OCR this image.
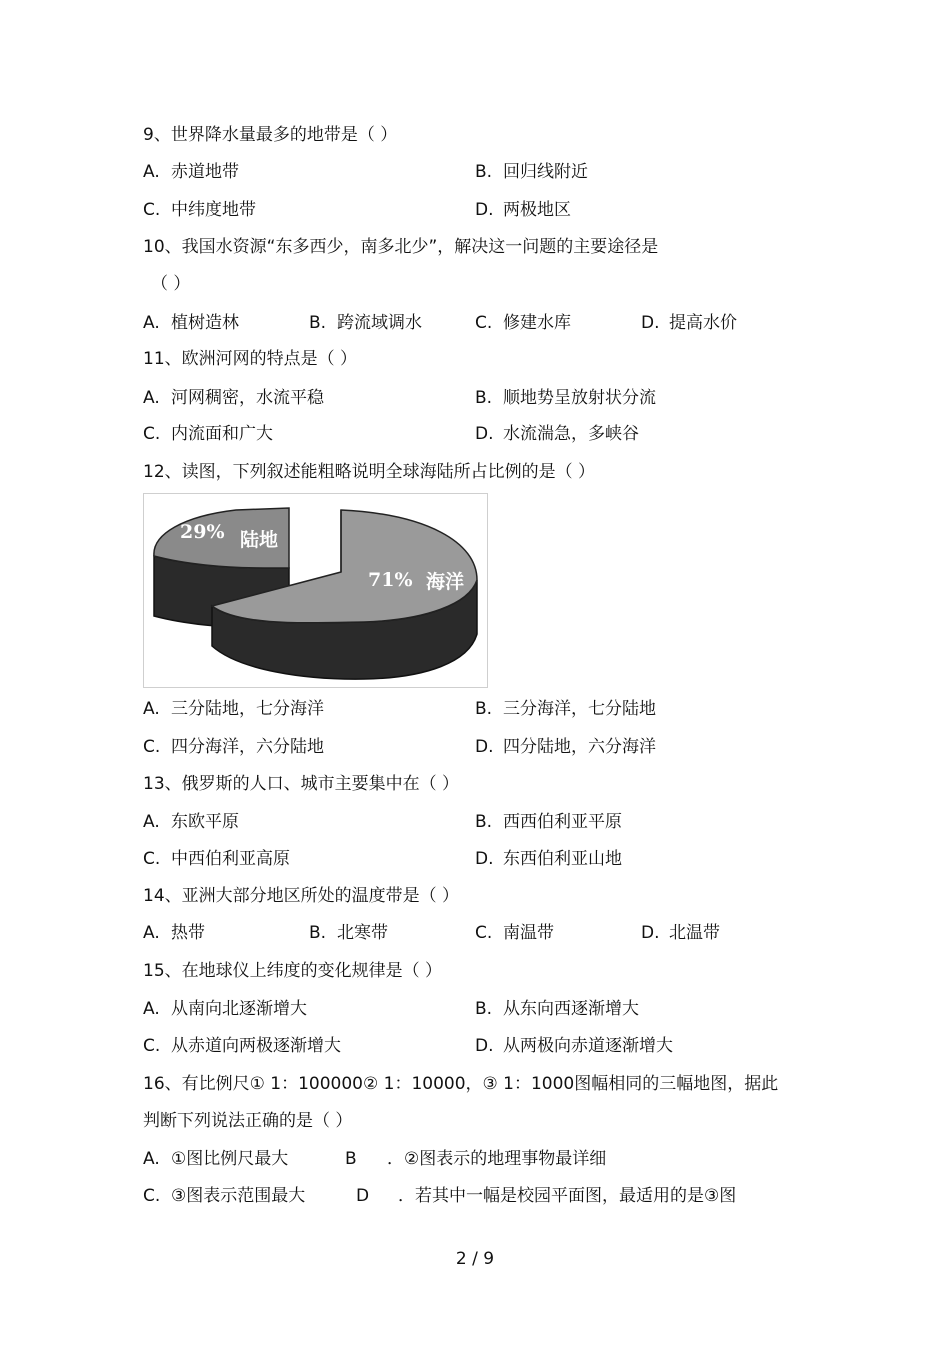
9、世界降水量最多的地带是（ ）
A. 赤道地带	B. 回归线附近
C. 中纬度地带	D. 两极地区
10、我国水资源“东多西少，南多北少”，解决这一问题的主要途径是
（ ）
A. 植树造林	B. 跨流域调水	C. 修建水库	D. 提高水价
11、欧洲河网的特点是（ ）
A. 河网稠密，水流平稳	B. 顺地势呈放射状分流
C. 内流面和广大	D. 水流湍急，多峡谷
12、读图，下列叙述能粗略说明全球海陆所占比例的是（ ）
29% 陆地
71% 海洋
A. 三分陆地，七分海洋	B. 三分海洋，七分陆地
C. 四分海洋，六分陆地	D. 四分陆地，六分海洋
13、俄罗斯的人口、城市主要集中在（ ）
A. 东欧平原	B. 西西伯利亚平原
C. 中西伯利亚高原	D. 东西伯利亚山地
14、亚洲大部分地区所处的温度带是（ ）
A. 热带	B. 北寒带	C. 南温带	D. 北温带
15、在地球仪上纬度的变化规律是（ ）
A. 从南向北逐渐增大	B. 从东向西逐渐增大
C. 从赤道向两极逐渐增大	D. 从两极向赤道逐渐增大
16、有比例尺① 1：100000② 1：10000，③ 1：1000图幅相同的三幅地图，据此
判断下列说法正确的是（ ）
A. ①图比例尺最大	B ．②图表示的地理事物最详细
C. ③图表示范围最大	D ．若其中一幅是校园平面图，最适用的是③图
2 / 9
